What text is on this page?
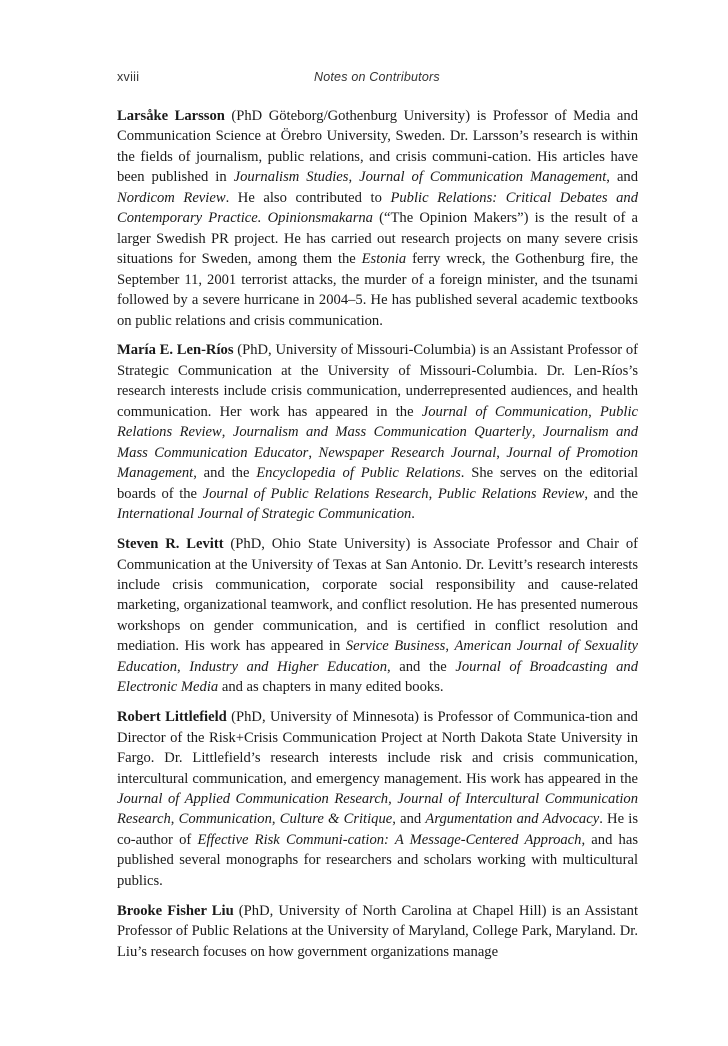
xviii	Notes on Contributors

Larsåke Larsson (PhD Göteborg/Gothenburg University) is Professor of Media and Communication Science at Örebro University, Sweden. Dr. Larsson’s research is within the fields of journalism, public relations, and crisis communi-cation. His articles have been published in Journalism Studies, Journal of Communication Management, and Nordicom Review. He also contributed to Public Relations: Critical Debates and Contemporary Practice. Opinionsmakarna (“The Opinion Makers”) is the result of a larger Swedish PR project. He has carried out research projects on many severe crisis situations for Sweden, among them the Estonia ferry wreck, the Gothenburg fire, the September 11, 2001 terrorist attacks, the murder of a foreign minister, and the tsunami followed by a severe hurricane in 2004–5. He has published several academic textbooks on public relations and crisis communication.

María E. Len-Ríos (PhD, University of Missouri-Columbia) is an Assistant Professor of Strategic Communication at the University of Missouri-Columbia. Dr. Len-Ríos’s research interests include crisis communication, underrepresented audiences, and health communication. Her work has appeared in the Journal of Communication, Public Relations Review, Journalism and Mass Communication Quarterly, Journalism and Mass Communication Educator, Newspaper Research Journal, Journal of Promotion Management, and the Encyclopedia of Public Relations. She serves on the editorial boards of the Journal of Public Relations Research, Public Relations Review, and the International Journal of Strategic Communication.

Steven R. Levitt (PhD, Ohio State University) is Associate Professor and Chair of Communication at the University of Texas at San Antonio. Dr. Levitt’s research interests include crisis communication, corporate social responsibility and cause-related marketing, organizational teamwork, and conflict resolution. He has presented numerous workshops on gender communication, and is certified in conflict resolution and mediation. His work has appeared in Service Business, American Journal of Sexuality Education, Industry and Higher Education, and the Journal of Broadcasting and Electronic Media and as chapters in many edited books.

Robert Littlefield (PhD, University of Minnesota) is Professor of Communica-tion and Director of the Risk+Crisis Communication Project at North Dakota State University in Fargo. Dr. Littlefield’s research interests include risk and crisis communication, intercultural communication, and emergency management. His work has appeared in the Journal of Applied Communication Research, Journal of Intercultural Communication Research, Communication, Culture & Critique, and Argumentation and Advocacy. He is co-author of Effective Risk Communi-cation: A Message-Centered Approach, and has published several monographs for researchers and scholars working with multicultural publics.

Brooke Fisher Liu (PhD, University of North Carolina at Chapel Hill) is an Assistant Professor of Public Relations at the University of Maryland, College Park, Maryland. Dr. Liu’s research focuses on how government organizations manage
